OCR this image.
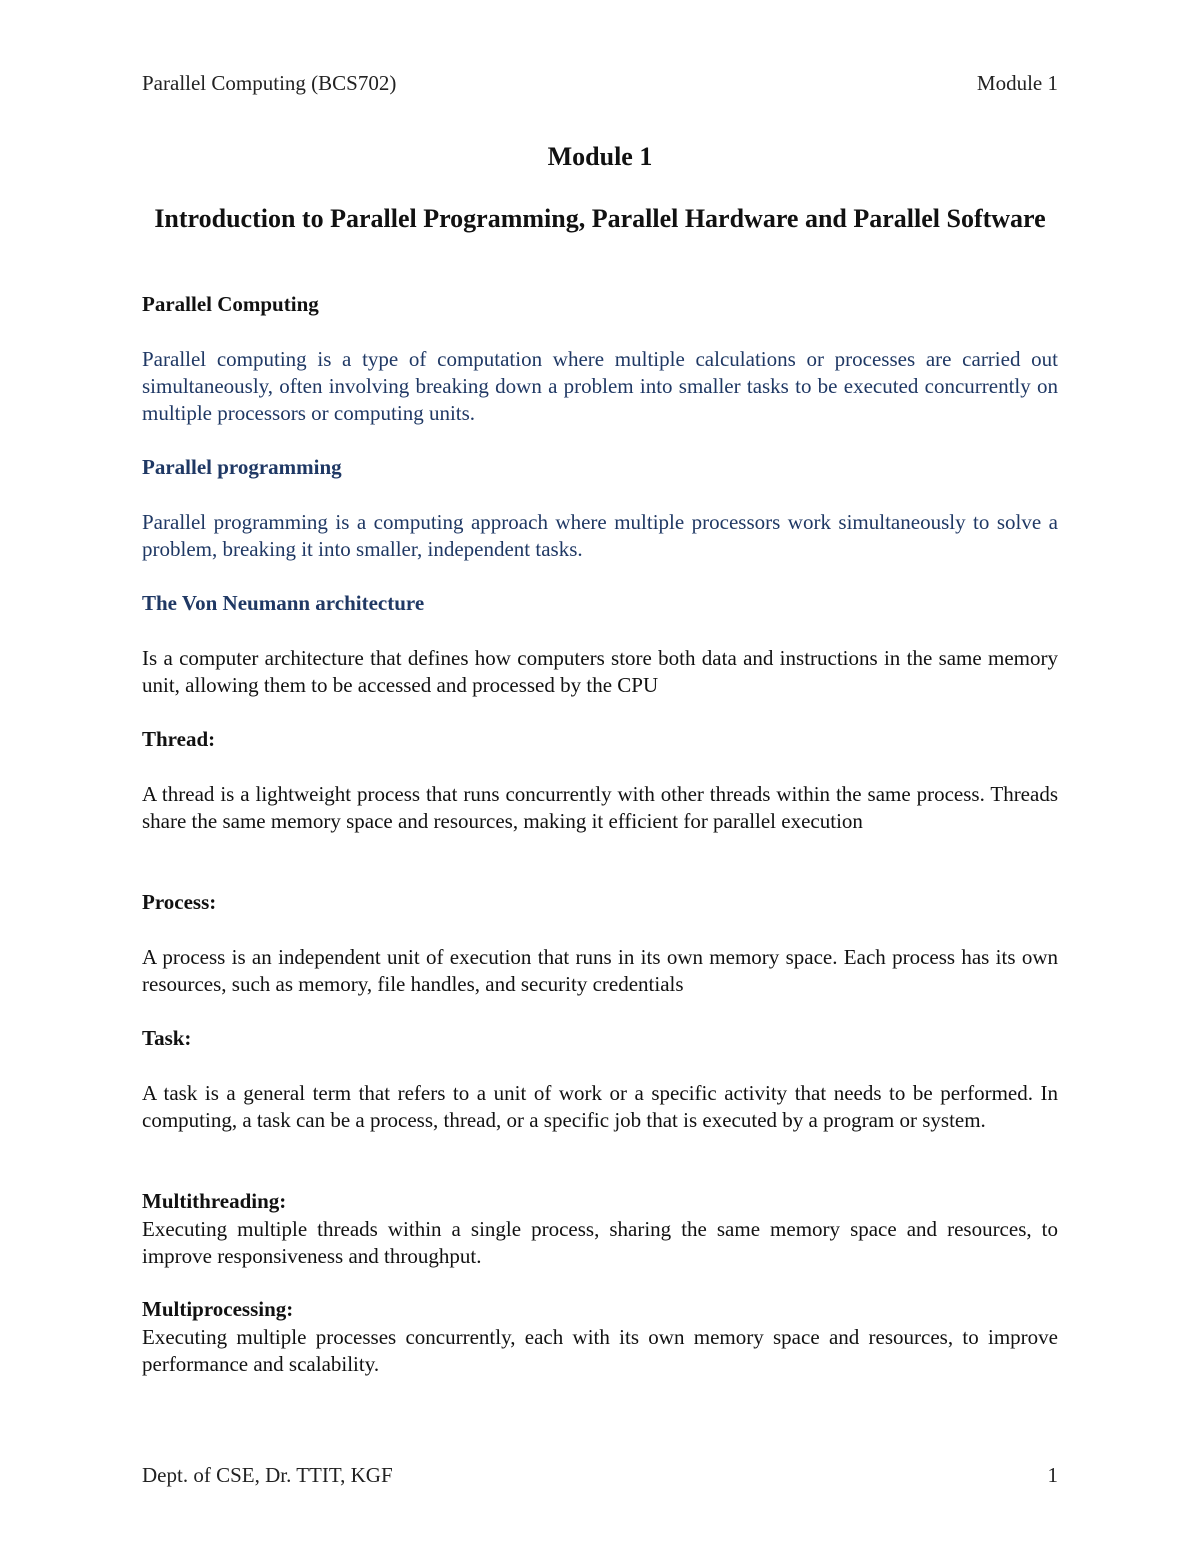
Parallel Computing (BCS702)	Module 1
Module 1
Introduction to Parallel Programming, Parallel Hardware and Parallel Software
Parallel Computing

Parallel computing is a type of computation where multiple calculations or processes are carried out simultaneously, often involving breaking down a problem into smaller tasks to be executed concurrently on multiple processors or computing units.

Parallel programming

Parallel programming is a computing approach where multiple processors work simultaneously to solve a problem, breaking it into smaller, independent tasks.

The Von Neumann architecture

Is a computer architecture that defines how computers store both data and instructions in the same memory unit, allowing them to be accessed and processed by the CPU

Thread:

A thread is a lightweight process that runs concurrently with other threads within the same process. Threads share the same memory space and resources, making it efficient for parallel execution

Process:

A process is an independent unit of execution that runs in its own memory space. Each process has its own resources, such as memory, file handles, and security credentials

Task:

A task is a general term that refers to a unit of work or a specific activity that needs to be performed. In computing, a task can be a process, thread, or a specific job that is executed by a program or system.

Multithreading:

Executing multiple threads within a single process, sharing the same memory space and resources, to improve responsiveness and throughput.

Multiprocessing:

Executing multiple processes concurrently, each with its own memory space and resources, to improve performance and scalability.

Dept. of CSE, Dr. TTIT, KGF	1
